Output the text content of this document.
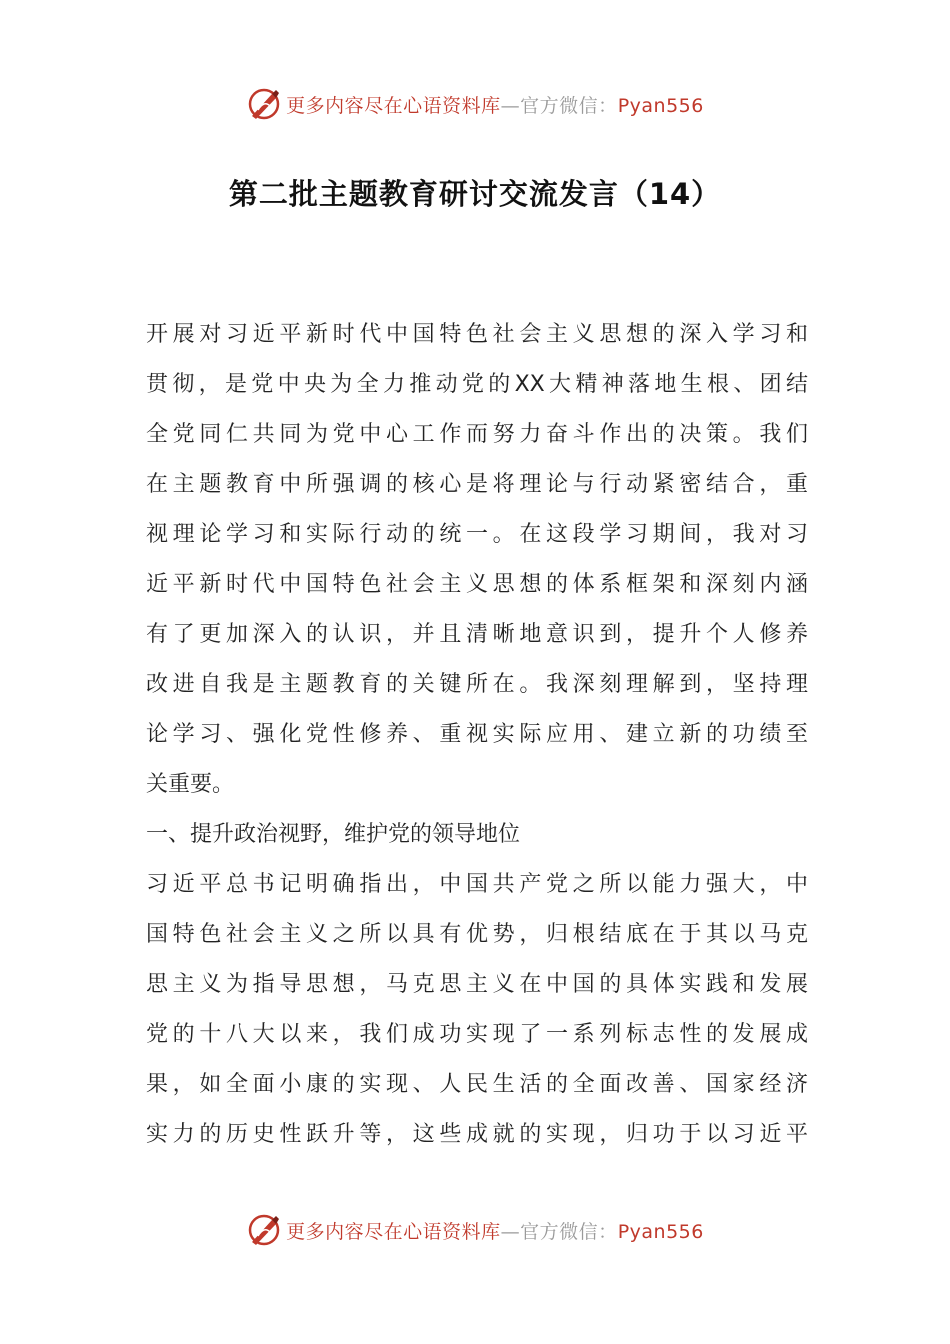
更多内容尽在心语资料库—官方微信：Pyan556
第二批主题教育研讨交流发言（14）
开展对习近平新时代中国特色社会主义思想的深入学习和
贯彻，是党中央为全力推动党的XX大精神落地生根、团结
全党同仁共同为党中心工作而努力奋斗作出的决策。我们
在主题教育中所强调的核心是将理论与行动紧密结合，重
视理论学习和实际行动的统一。在这段学习期间，我对习
近平新时代中国特色社会主义思想的体系框架和深刻内涵
有了更加深入的认识，并且清晰地意识到，提升个人修养
改进自我是主题教育的关键所在。我深刻理解到，坚持理
论学习、强化党性修养、重视实际应用、建立新的功绩至
关重要。
一、提升政治视野，维护党的领导地位
习近平总书记明确指出，中国共产党之所以能力强大，中
国特色社会主义之所以具有优势，归根结底在于其以马克
思主义为指导思想，马克思主义在中国的具体实践和发展
党的十八大以来，我们成功实现了一系列标志性的发展成
果，如全面小康的实现、人民生活的全面改善、国家经济
实力的历史性跃升等，这些成就的实现，归功于以习近平
更多内容尽在心语资料库—官方微信：Pyan556
